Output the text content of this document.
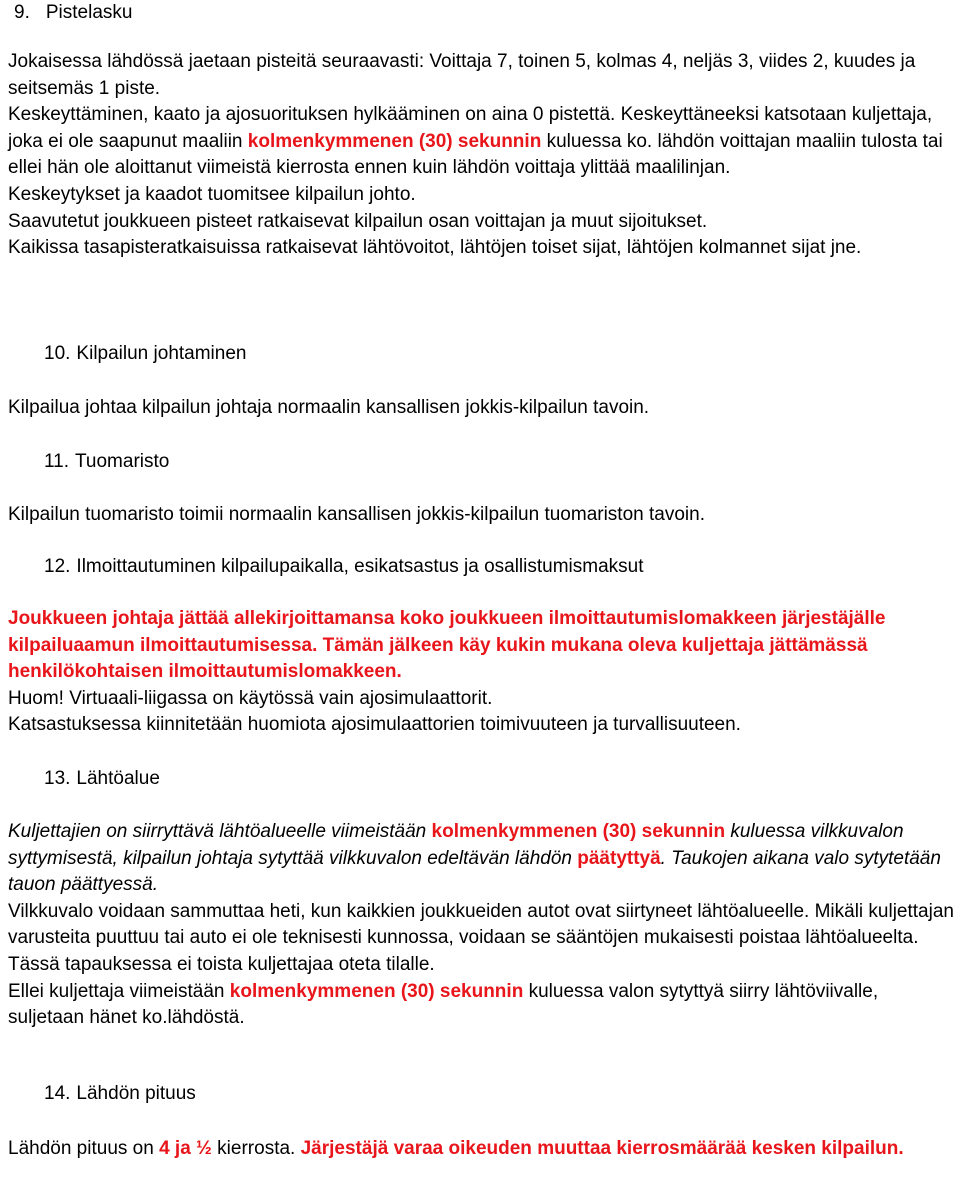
9. Pistelasku

Jokaisessa lähdössä jaetaan pisteitä seuraavasti: Voittaja 7, toinen 5, kolmas 4, neljäs 3, viides 2, kuudes ja seitsemäs 1 piste.

Keskeyttäminen, kaato ja ajosuorituksen hylkääminen on aina 0 pistettä. Keskeyttäneeksi katsotaan kuljettaja, joka ei ole saapunut maaliin kolmenkymmenen (30) sekunnin kuluessa ko. lähdön voittajan maaliin tulosta tai ellei hän ole aloittanut viimeistä kierrosta ennen kuin lähdön voittaja ylittää maalilinjan.

Keskeytykset ja kaadot tuomitsee kilpailun johto.

Saavutetut joukkueen pisteet ratkaisevat kilpailun osan voittajan ja muut sijoitukset.

Kaikissa tasapisteratkaisuissa ratkaisevat lähtövoitot, lähtöjen toiset sijat, lähtöjen kolmannet sijat jne.

10. Kilpailun johtaminen

Kilpailua johtaa kilpailun johtaja normaalin kansallisen jokkis-kilpailun tavoin.

11. Tuomaristo

Kilpailun tuomaristo toimii normaalin kansallisen jokkis-kilpailun tuomariston tavoin.

12. Ilmoittautuminen kilpailupaikalla, esikatsastus ja osallistumismaksut

Joukkueen johtaja jättää allekirjoittamansa koko joukkueen ilmoittautumislomakkeen järjestäjälle kilpailuaamun ilmoittautumisessa. Tämän jälkeen käy kukin mukana oleva kuljettaja jättämässä henkilökohtaisen ilmoittautumislomakkeen.

Huom! Virtuaali-liigassa on käytössä vain ajosimulaattorit.

Katsastuksessa kiinnitetään huomiota ajosimulaattorien toimivuuteen ja turvallisuuteen.

13. Lähtöalue

Kuljettajien on siirryttävä lähtöalueelle viimeistään kolmenkymmenen (30) sekunnin kuluessa vilkkuvalon syttymisestä, kilpailun johtaja sytyttää vilkkuvalon edeltävän lähdön päätyttyä. Taukojen aikana valo sytytetään tauon päättyessä.

Vilkkuvalo voidaan sammuttaa heti, kun kaikkien joukkueiden autot ovat siirtyneet lähtöalueelle. Mikäli kuljettajan varusteita puuttuu tai auto ei ole teknisesti kunnossa, voidaan se sääntöjen mukaisesti poistaa lähtöalueelta. Tässä tapauksessa ei toista kuljettajaa oteta tilalle.

Ellei kuljettaja viimeistään kolmenkymmenen (30) sekunnin kuluessa valon sytyttyä siirry lähtöviivalle, suljetaan hänet ko.lähdöstä.

14. Lähdön pituus

Lähdön pituus on 4 ja ½ kierrosta. Järjestäjä varaa oikeuden muuttaa kierrosmäärää kesken kilpailun.
